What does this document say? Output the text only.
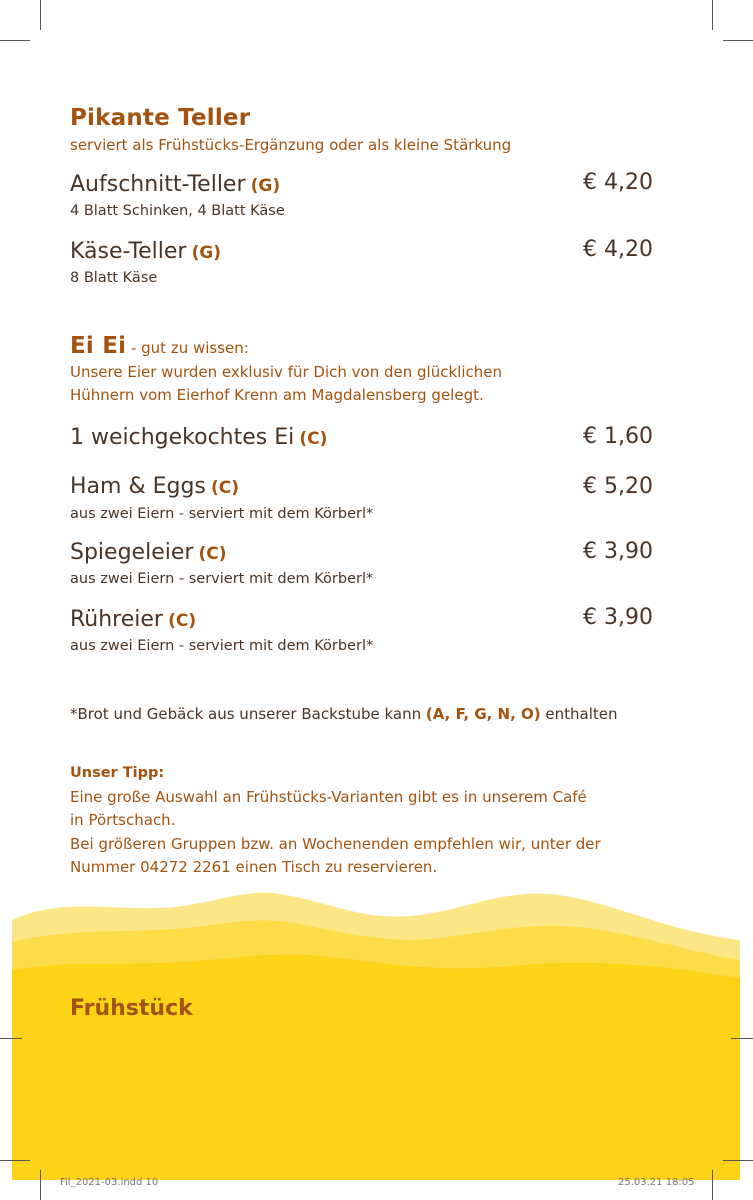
Pikante Teller
serviert als Frühstücks-Ergänzung oder als kleine Stärkung
Aufschnitt-Teller (G)
4 Blatt Schinken, 4 Blatt Käse
€ 4,20
Käse-Teller (G)
8 Blatt Käse
€ 4,20
Ei Ei - gut zu wissen:
Unsere Eier wurden exklusiv für Dich von den glücklichen
Hühnern vom Eierhof Krenn am Magdalensberg gelegt.
1 weichgekochtes Ei (C)	€ 1,60
Ham & Eggs (C)
aus zwei Eiern - serviert mit dem Körberl*
€ 5,20
Spiegeleier (C)
aus zwei Eiern - serviert mit dem Körberl*
€ 3,90
Rühreier (C)
aus zwei Eiern - serviert mit dem Körberl*
€ 3,90
*Brot und Gebäck aus unserer Backstube kann (A, F, G, N, O) enthalten
Unser Tipp:
Eine große Auswahl an Frühstücks-Varianten gibt es in unserem Café
in Pörtschach.
Bei größeren Gruppen bzw. an Wochenenden empfehlen wir, unter der
Nummer 04272 2261 einen Tisch zu reservieren.
Frühstück
Fil_2021-03.indd 10	25.03.21 18:05
